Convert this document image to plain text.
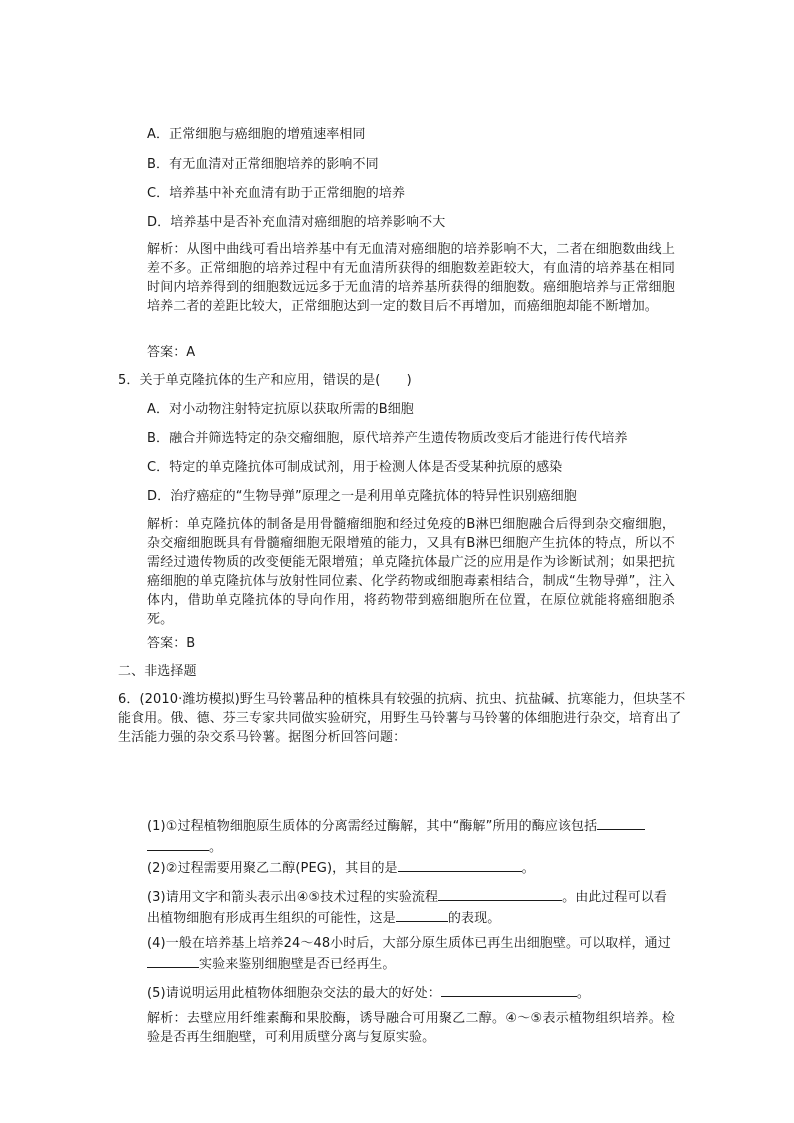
A．正常细胞与癌细胞的增殖速率相同
B．有无血清对正常细胞培养的影响不同
C．培养基中补充血清有助于正常细胞的培养
D．培养基中是否补充血清对癌细胞的培养影响不大
解析：从图中曲线可看出培养基中有无血清对癌细胞的培养影响不大，二者在细胞数曲线上差不多。正常细胞的培养过程中有无血清所获得的细胞数差距较大，有血清的培养基在相同时间内培养得到的细胞数远远多于无血清的培养基所获得的细胞数。癌细胞培养与正常细胞培养二者的差距比较大，正常细胞达到一定的数目后不再增加，而癌细胞却能不断增加。
答案：A
5．关于单克隆抗体的生产和应用，错误的是(　　)
A．对小动物注射特定抗原以获取所需的B细胞
B．融合并筛选特定的杂交瘤细胞，原代培养产生遗传物质改变后才能进行传代培养
C．特定的单克隆抗体可制成试剂，用于检测人体是否受某种抗原的感染
D．治疗癌症的“生物导弹”原理之一是利用单克隆抗体的特异性识别癌细胞
解析：单克隆抗体的制备是用骨髓瘤细胞和经过免疫的B淋巴细胞融合后得到杂交瘤细胞，杂交瘤细胞既具有骨髓瘤细胞无限增殖的能力，又具有B淋巴细胞产生抗体的特点，所以不需经过遗传物质的改变便能无限增殖；单克隆抗体最广泛的应用是作为诊断试剂；如果把抗癌细胞的单克隆抗体与放射性同位素、化学药物或细胞毒素相结合，制成“生物导弹”，注入体内，借助单克隆抗体的导向作用，将药物带到癌细胞所在位置，在原位就能将癌细胞杀死。
答案：B
二、非选择题
6．(2010·潍坊模拟)野生马铃薯品种的植株具有较强的抗病、抗虫、抗盐碱、抗寒能力，但块茎不能食用。俄、德、芬三专家共同做实验研究，用野生马铃薯与马铃薯的体细胞进行杂交，培育出了生活能力强的杂交系马铃薯。据图分析回答问题：
(1)①过程植物细胞原生质体的分离需经过酶解，其中“酶解”所用的酶应该包括
。
(2)②过程需要用聚乙二醇(PEG)，其目的是	。
(3)请用文字和箭头表示出④⑤技术过程的实验流程	。由此过程可以看出植物细胞有形成再生组织的可能性，这是	的表现。
(4)一般在培养基上培养24～48小时后，大部分原生质体已再生出细胞壁。可以取样，通过实验来鉴别细胞壁是否已经再生。
(5)请说明运用此植物体细胞杂交法的最大的好处：	。
解析：去壁应用纤维素酶和果胶酶，诱导融合可用聚乙二醇。④～⑤表示植物组织培养。检验是否再生细胞壁，可利用质壁分离与复原实验。
